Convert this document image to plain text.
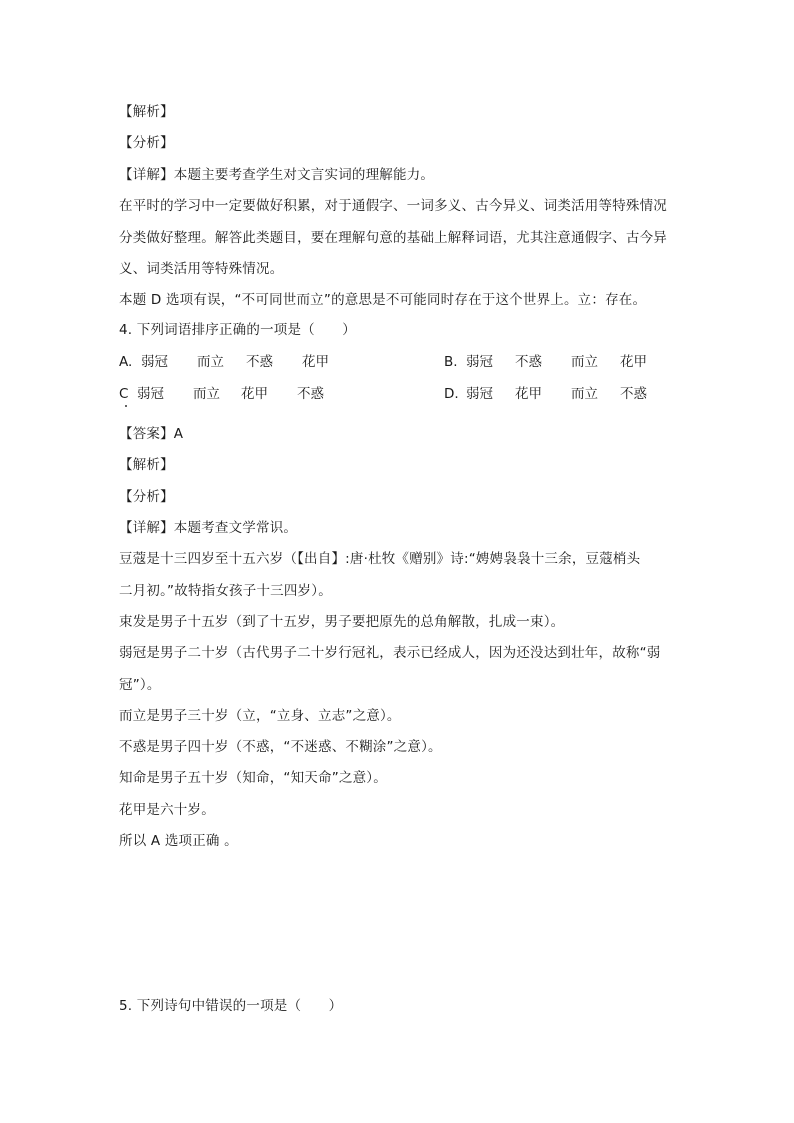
【解析】
【分析】
【详解】本题主要考查学生对文言实词的理解能力。
在平时的学习中一定要做好积累，对于通假字、一词多义、古今异义、词类活用等特殊情况
分类做好整理。解答此类题目，要在理解句意的基础上解释词语，尤其注意通假字、古今异
义、词类活用等特殊情况。
本题 D 选项有误，“不可同世而立”的意思是不可能同时存在于这个世界上。立：存在。
4. 下列词语排序正确的一项是（　　）
A. 弱冠 而立 不惑 花甲	B. 弱冠 不惑 而立 花甲
C 弱冠 而立 花甲 不惑	D. 弱冠 花甲 而立 不惑
【答案】A
【解析】
【分析】
【详解】本题考查文学常识。
豆蔻是十三四岁至十五六岁（【出自】:唐·杜牧《赠别》诗:“娉娉袅袅十三余，豆蔻梢头
二月初。”故特指女孩子十三四岁）。
束发是男子十五岁（到了十五岁，男子要把原先的总角解散，扎成一束）。
弱冠是男子二十岁（古代男子二十岁行冠礼，表示已经成人，因为还没达到壮年，故称“弱
冠”）。
而立是男子三十岁（立，“立身、立志”之意）。
不惑是男子四十岁（不惑，“不迷惑、不糊涂”之意）。
知命是男子五十岁（知命，“知天命”之意）。
花甲是六十岁。
所以 A 选项正确 。
5. 下列诗句中错误的一项是（　　）
